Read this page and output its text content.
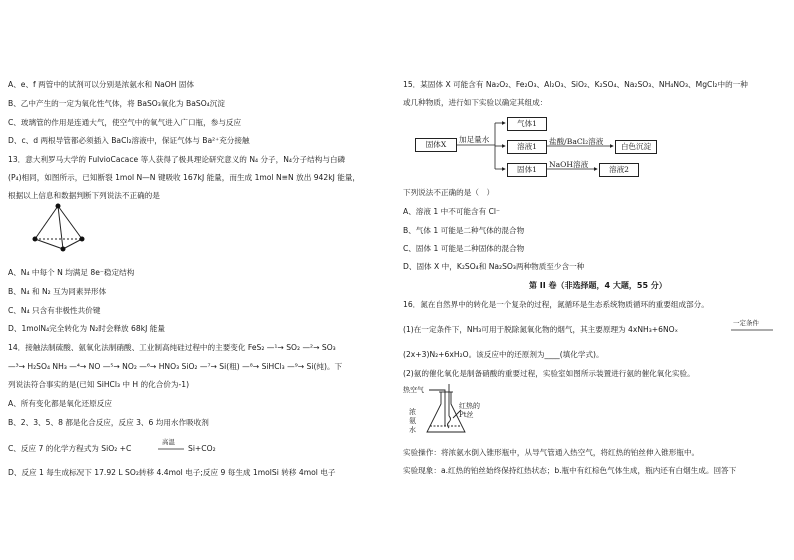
A、e、f 两管中的试剂可以分别是浓氨水和 NaOH 固体
B、乙中产生的一定为氧化性气体，将 BaSO₃氧化为 BaSO₄沉淀
C、玻璃管的作用是连通大气，使空气中的氧气进入广口瓶，参与反应
D、c、d 两根导管都必须插入 BaCl₂溶液中，保证气体与 Ba²⁺充分接触
13．意大利罗马大学的 FulvioCacace 等人获得了极具理论研究意义的 N₄ 分子，N₄分子结构与白磷
(P₄)相同，如图所示，已知断裂 1mol N—N 键吸收 167kJ 能量，而生成 1mol N≡N 放出 942kJ 能量，
根据以上信息和数据判断下列说法不正确的是
A、N₄ 中每个 N 均满足 8e⁻稳定结构
B、N₄ 和 N₂ 互为同素异形体
C、N₄ 只含有非极性共价键
D、1molN₄完全转化为 N₂时会释放 68kJ 能量
14．接触法制硫酸、氨氧化法制硝酸、工业制高纯硅过程中的主要变化 FeS₂ —¹→ SO₂ —²→ SO₃
—³→ H₂SO₄ NH₃ —⁴→ NO —⁵→ NO₂ —⁶→ HNO₃ SiO₂ —⁷→ Si(粗) —⁸→ SiHCl₃ —⁹→ Si(纯)。下
列说法符合事实的是(已知 SiHCl₃ 中 H 的化合价为-1)
A、所有变化都是氧化还原反应
B、2、3、5、8 都是化合反应，反应 3、6 均用水作吸收剂
C、反应 7 的化学方程式为 SiO₂ +C
高温
Si+CO₂
D、反应 1 每生成标况下 17.92 L SO₂转移 4.4mol 电子;反应 9 每生成 1molSi 转移 4mol 电子
15．某固体 X 可能含有 Na₂O₂、Fe₂O₃、Al₂O₃、SiO₂、K₂SO₄、Na₂SO₃、NH₄NO₃、MgCl₂中的一种
或几种物质，进行如下实验以确定其组成：
固体X
气体1
溶液1
固体1
白色沉淀
溶液2
加足量水	盐酸/BaCl₂溶液
NaOH溶液
下列说法不正确的是（　）
A、溶液 1 中不可能含有 Cl⁻
B、气体 1 可能是二种气体的混合物
C、固体 1 可能是二种固体的混合物
D、固体 X 中，K₂SO₄和 Na₂SO₃两种物质至少含一种
第 II 卷（非选择题，4 大题，55 分）
16．氮在自然界中的转化是一个复杂的过程，氮循环是生态系统物质循环的重要组成部分。
(1)在一定条件下，NH₃可用于脱除氮氧化物的烟气，其主要原理为 4xNH₃+6NOₓ
一定条件
(2x+3)N₂+6xH₂O。该反应中的还原剂为____(填化学式)。
(2)氨的催化氧化是制备硝酸的重要过程，实验室如图所示装置进行氨的催化氧化实验。
热空气
浓氨水
红热的Pt丝
实验操作：将浓氨水倒入锥形瓶中，从导气管通入热空气，将红热的铂丝伸入锥形瓶中。
实验现象：a.红热的铂丝始终保持红热状态；b.瓶中有红棕色气体生成，瓶内还有白烟生成。回答下
